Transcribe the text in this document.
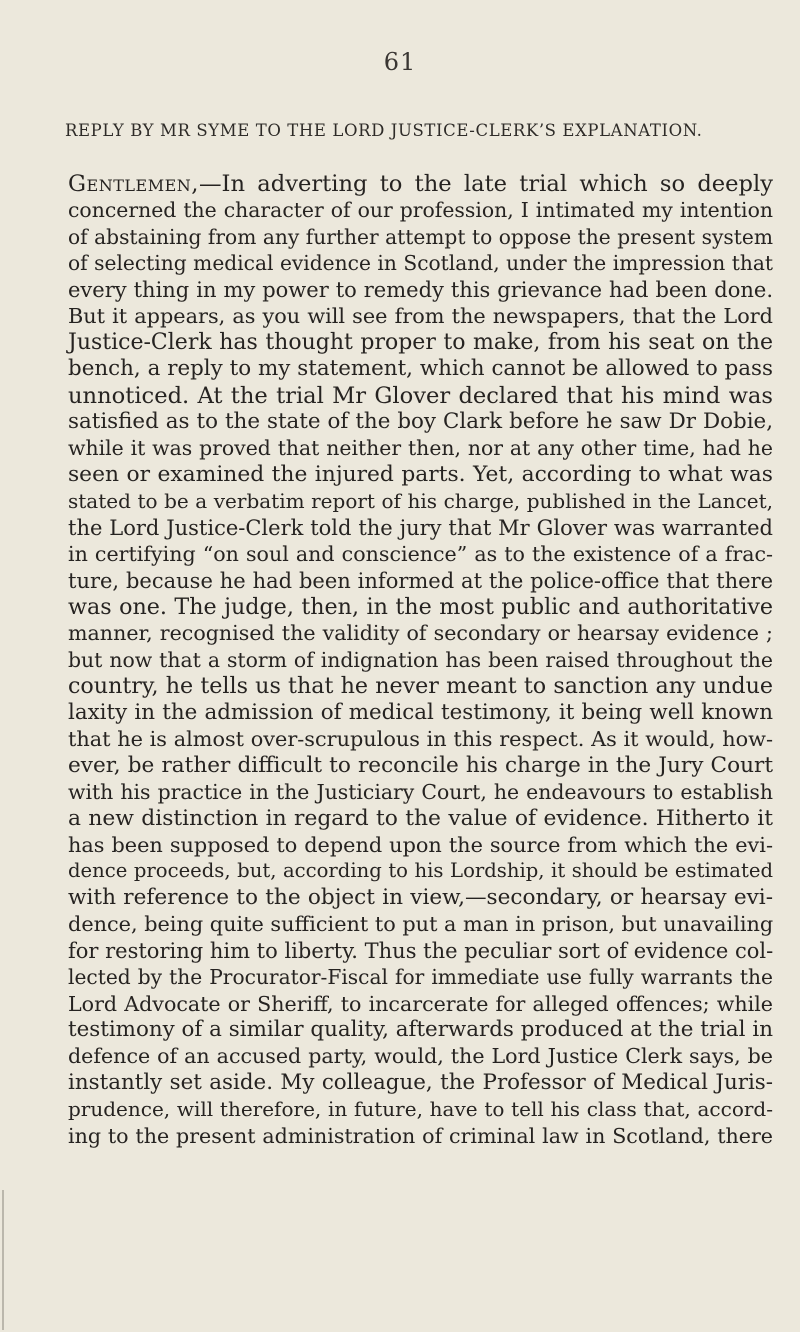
61
REPLY BY MR SYME TO THE LORD JUSTICE-CLERK’S EXPLANATION.
Gentlemen,—In adverting to the late trial which so deeply
concerned the character of our profession, I intimated my intention
of abstaining from any further attempt to oppose the present system
of selecting medical evidence in Scotland, under the impression that
every thing in my power to remedy this grievance had been done.
But it appears, as you will see from the newspapers, that the Lord
Justice-Clerk has thought proper to make, from his seat on the
bench, a reply to my statement, which cannot be allowed to pass
unnoticed. At the trial Mr Glover declared that his mind was
satisfied as to the state of the boy Clark before he saw Dr Dobie,
while it was proved that neither then, nor at any other time, had he
seen or examined the injured parts. Yet, according to what was
stated to be a verbatim report of his charge, published in the Lancet,
the Lord Justice-Clerk told the jury that Mr Glover was warranted
in certifying “on soul and conscience” as to the existence of a frac-
ture, because he had been informed at the police-office that there
was one. The judge, then, in the most public and authoritative
manner, recognised the validity of secondary or hearsay evidence ;
but now that a storm of indignation has been raised throughout the
country, he tells us that he never meant to sanction any undue
laxity in the admission of medical testimony, it being well known
that he is almost over-scrupulous in this respect. As it would, how-
ever, be rather difficult to reconcile his charge in the Jury Court
with his practice in the Justiciary Court, he endeavours to establish
a new distinction in regard to the value of evidence. Hitherto it
has been supposed to depend upon the source from which the evi-
dence proceeds, but, according to his Lordship, it should be estimated
with reference to the object in view,—secondary, or hearsay evi-
dence, being quite sufficient to put a man in prison, but unavailing
for restoring him to liberty. Thus the peculiar sort of evidence col-
lected by the Procurator-Fiscal for immediate use fully warrants the
Lord Advocate or Sheriff, to incarcerate for alleged offences; while
testimony of a similar quality, afterwards produced at the trial in
defence of an accused party, would, the Lord Justice Clerk says, be
instantly set aside. My colleague, the Professor of Medical Juris-
prudence, will therefore, in future, have to tell his class that, accord-
ing to the present administration of criminal law in Scotland, there
